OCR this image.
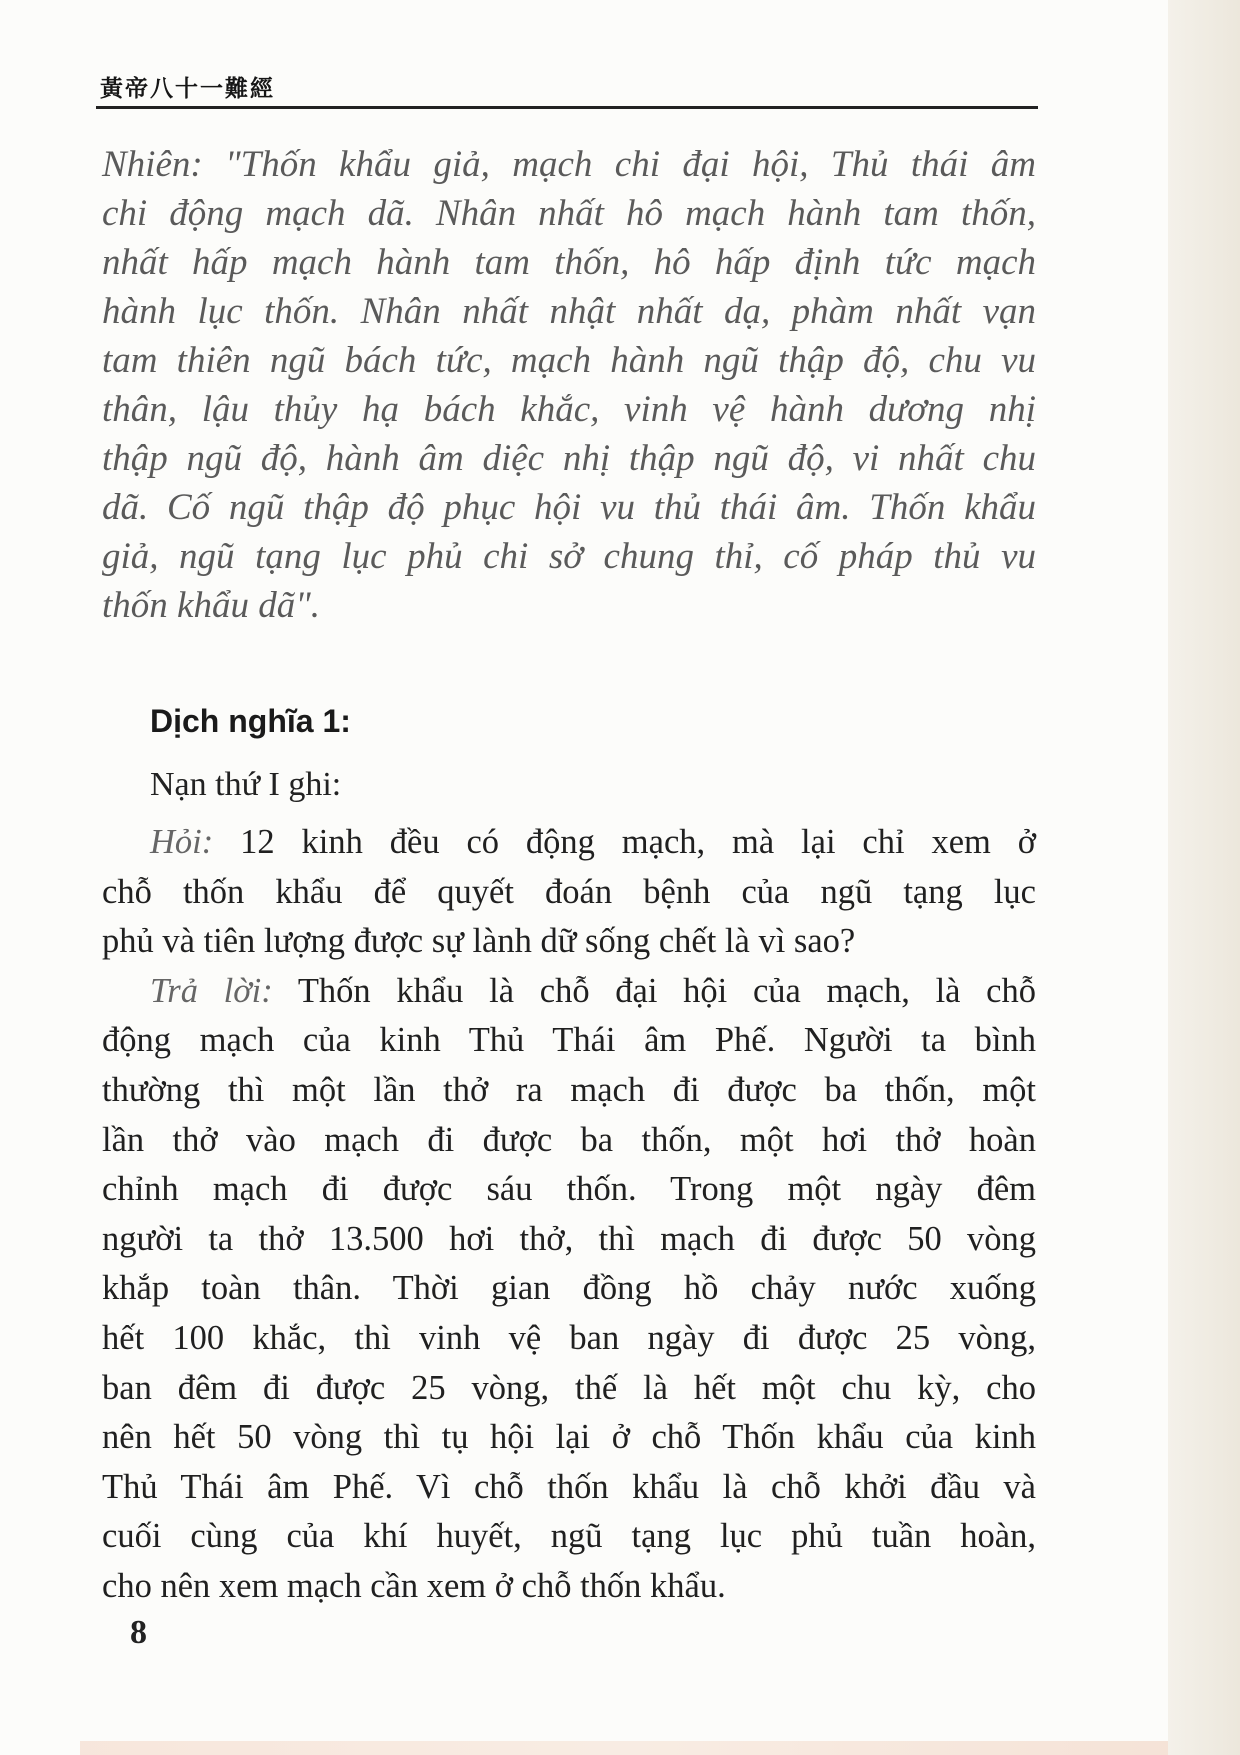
黃帝八十一難經
Nhiên: "Thốn khẩu giả, mạch chi đại hội, Thủ thái âm
chi động mạch dã. Nhân nhất hô mạch hành tam thốn,
nhất hấp mạch hành tam thốn, hô hấp định tức mạch
hành lục thốn. Nhân nhất nhật nhất dạ, phàm nhất vạn
tam thiên ngũ bách tức, mạch hành ngũ thập độ, chu vu
thân, lậu thủy hạ bách khắc, vinh vệ hành dương nhị
thập ngũ độ, hành âm diệc nhị thập ngũ độ, vi nhất chu
dã. Cố ngũ thập độ phục hội vu thủ thái âm. Thốn khẩu
giả, ngũ tạng lục phủ chi sở chung thỉ, cố pháp thủ vu
thốn khẩu dã".
Dịch nghĩa 1:
Nạn thứ I ghi:
Hỏi: 12 kinh đều có động mạch, mà lại chỉ xem ở
chỗ thốn khẩu để quyết đoán bệnh của ngũ tạng lục
phủ và tiên lượng được sự lành dữ sống chết là vì sao?
Trả lời: Thốn khẩu là chỗ đại hội của mạch, là chỗ
động mạch của kinh Thủ Thái âm Phế. Người ta bình
thường thì một lần thở ra mạch đi được ba thốn, một
lần thở vào mạch đi được ba thốn, một hơi thở hoàn
chỉnh mạch đi được sáu thốn. Trong một ngày đêm
người ta thở 13.500 hơi thở, thì mạch đi được 50 vòng
khắp toàn thân. Thời gian đồng hồ chảy nước xuống
hết 100 khắc, thì vinh vệ ban ngày đi được 25 vòng,
ban đêm đi được 25 vòng, thế là hết một chu kỳ, cho
nên hết 50 vòng thì tụ hội lại ở chỗ Thốn khẩu của kinh
Thủ Thái âm Phế. Vì chỗ thốn khẩu là chỗ khởi đầu và
cuối cùng của khí huyết, ngũ tạng lục phủ tuần hoàn,
cho nên xem mạch cần xem ở chỗ thốn khẩu.
8
